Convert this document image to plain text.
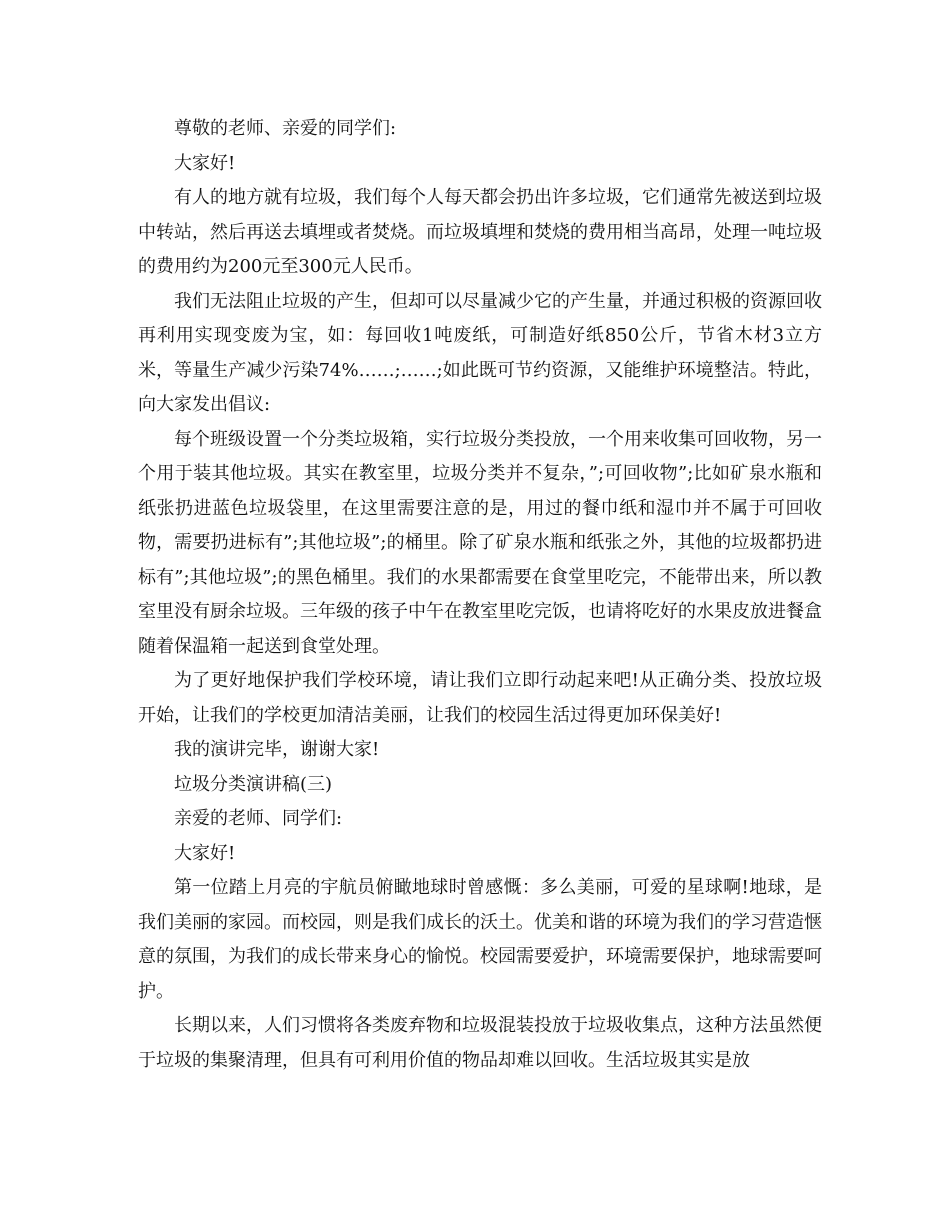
尊敬的老师、亲爱的同学们:

大家好!

有人的地方就有垃圾，我们每个人每天都会扔出许多垃圾，它们通常先被送到垃圾中转站，然后再送去填埋或者焚烧。而垃圾填埋和焚烧的费用相当高昂，处理一吨垃圾的费用约为200元至300元人民币。

我们无法阻止垃圾的产生，但却可以尽量减少它的产生量，并通过积极的资源回收再利用实现变废为宝，如：每回收1吨废纸，可制造好纸850公斤，节省木材3立方米，等量生产减少污染74%……;……;如此既可节约资源，又能维护环境整洁。特此，向大家发出倡议:

每个班级设置一个分类垃圾箱，实行垃圾分类投放，一个用来收集可回收物，另一个用于装其他垃圾。其实在教室里，垃圾分类并不复杂，”;可回收物”;比如矿泉水瓶和纸张扔进蓝色垃圾袋里，在这里需要注意的是，用过的餐巾纸和湿巾并不属于可回收物，需要扔进标有”;其他垃圾”;的桶里。除了矿泉水瓶和纸张之外，其他的垃圾都扔进标有”;其他垃圾”;的黑色桶里。我们的水果都需要在食堂里吃完，不能带出来，所以教室里没有厨余垃圾。三年级的孩子中午在教室里吃完饭，也请将吃好的水果皮放进餐盒随着保温箱一起送到食堂处理。

为了更好地保护我们学校环境，请让我们立即行动起来吧!从正确分类、投放垃圾开始，让我们的学校更加清洁美丽，让我们的校园生活过得更加环保美好!

我的演讲完毕，谢谢大家!

垃圾分类演讲稿(三)

亲爱的老师、同学们:

大家好!

第一位踏上月亮的宇航员俯瞰地球时曾感慨：多么美丽，可爱的星球啊!地球，是我们美丽的家园。而校园，则是我们成长的沃土。优美和谐的环境为我们的学习营造惬意的氛围，为我们的成长带来身心的愉悦。校园需要爱护，环境需要保护，地球需要呵护。

长期以来，人们习惯将各类废弃物和垃圾混装投放于垃圾收集点，这种方法虽然便于垃圾的集聚清理，但具有可利用价值的物品却难以回收。生活垃圾其实是放
